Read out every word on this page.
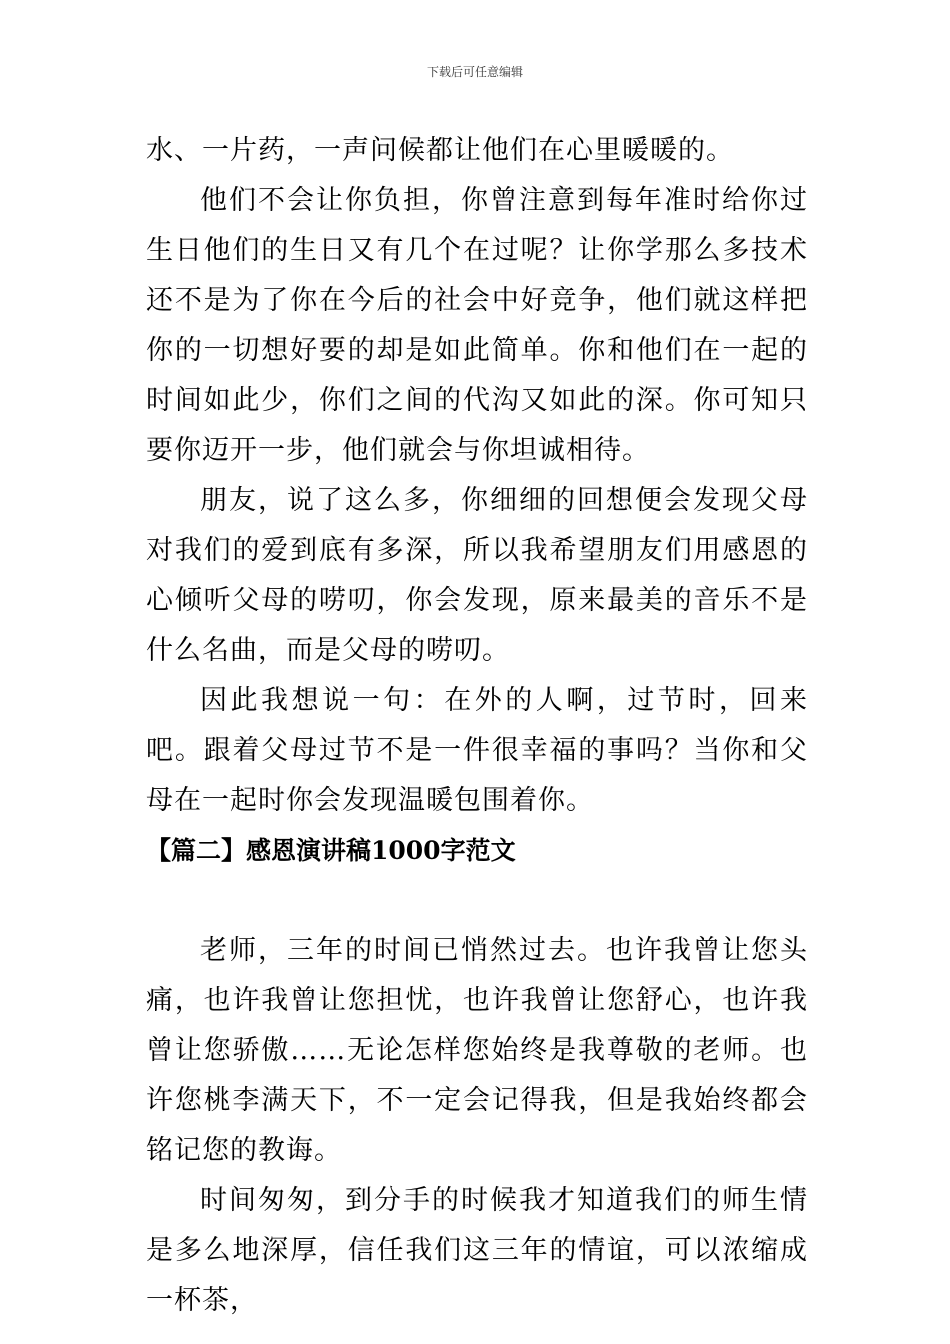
下载后可任意编辑

水、一片药，一声问候都让他们在心里暖暖的。

他们不会让你负担，你曾注意到每年准时给你过生日他们的生日又有几个在过呢？让你学那么多技术还不是为了你在今后的社会中好竞争，他们就这样把你的一切想好要的却是如此简单。你和他们在一起的时间如此少，你们之间的代沟又如此的深。你可知只要你迈开一步，他们就会与你坦诚相待。

朋友，说了这么多，你细细的回想便会发现父母对我们的爱到底有多深，所以我希望朋友们用感恩的心倾听父母的唠叨，你会发现，原来最美的音乐不是什么名曲，而是父母的唠叨。

因此我想说一句：在外的人啊，过节时，回来吧。跟着父母过节不是一件很幸福的事吗？当你和父母在一起时你会发现温暖包围着你。

【篇二】感恩演讲稿1000字范文

老师，三年的时间已悄然过去。也许我曾让您头痛，也许我曾让您担忧，也许我曾让您舒心，也许我曾让您骄傲……无论怎样您始终是我尊敬的老师。也许您桃李满天下，不一定会记得我，但是我始终都会铭记您的教诲。

时间匆匆，到分手的时候我才知道我们的师生情是多么地深厚，信任我们这三年的情谊，可以浓缩成一杯茶，
